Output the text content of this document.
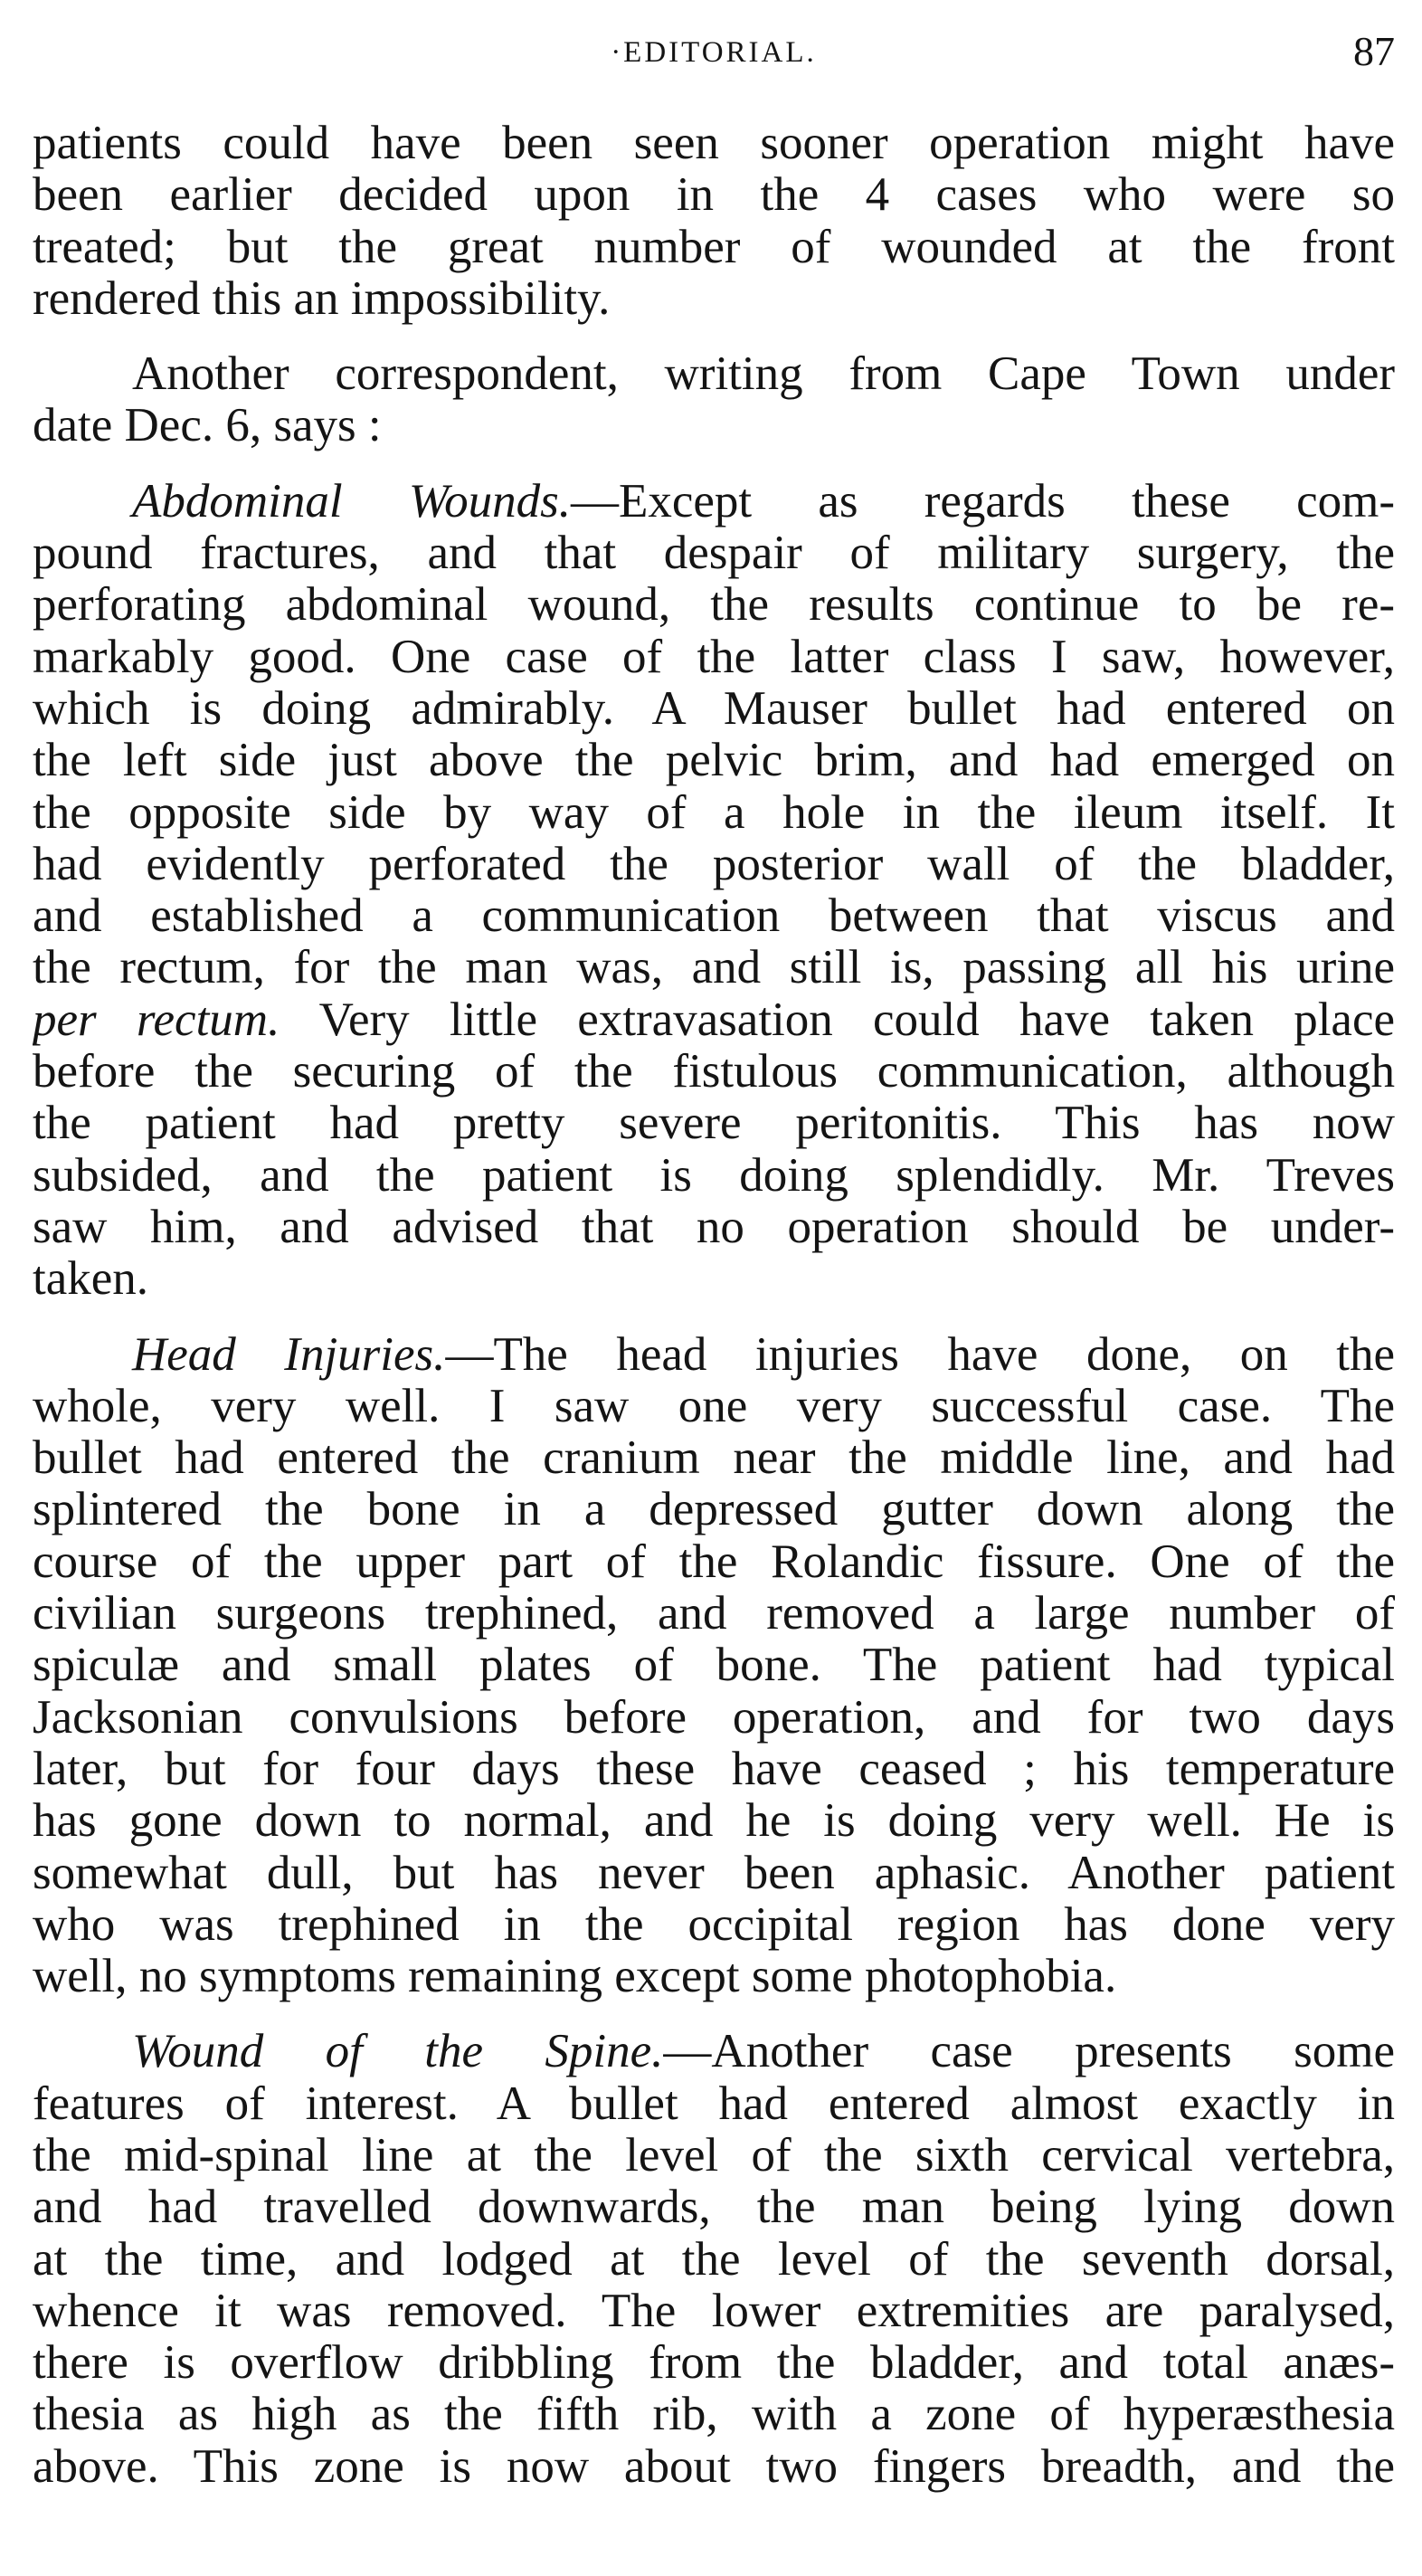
·EDITORIAL.	87
patients could have been seen sooner operation might have
been earlier decided upon in the 4 cases who were so
treated; but the great number of wounded at the front
rendered this an impossibility.
Another correspondent, writing from Cape Town under
date Dec. 6, says :
Abdominal Wounds.—Except as regards these com-
pound fractures, and that despair of military surgery, the
perforating abdominal wound, the results continue to be re-
markably good. One case of the latter class I saw, however,
which is doing admirably. A Mauser bullet had entered on
the left side just above the pelvic brim, and had emerged on
the opposite side by way of a hole in the ileum itself. It
had evidently perforated the posterior wall of the bladder,
and established a communication between that viscus and
the rectum, for the man was, and still is, passing all his urine
per rectum. Very little extravasation could have taken place
before the securing of the fistulous communication, although
the patient had pretty severe peritonitis. This has now
subsided, and the patient is doing splendidly. Mr. Treves
saw him, and advised that no operation should be under-
taken.
Head Injuries.—The head injuries have done, on the
whole, very well. I saw one very successful case. The
bullet had entered the cranium near the middle line, and had
splintered the bone in a depressed gutter down along the
course of the upper part of the Rolandic fissure. One of the
civilian surgeons trephined, and removed a large number of
spiculæ and small plates of bone. The patient had typical
Jacksonian convulsions before operation, and for two days
later, but for four days these have ceased ; his temperature
has gone down to normal, and he is doing very well. He is
somewhat dull, but has never been aphasic. Another patient
who was trephined in the occipital region has done very
well, no symptoms remaining except some photophobia.
Wound of the Spine.—Another case presents some
features of interest. A bullet had entered almost exactly in
the mid-spinal line at the level of the sixth cervical vertebra,
and had travelled downwards, the man being lying down
at the time, and lodged at the level of the seventh dorsal,
whence it was removed. The lower extremities are paralysed,
there is overflow dribbling from the bladder, and total anæs-
thesia as high as the fifth rib, with a zone of hyperæsthesia
above. This zone is now about two fingers breadth, and the
